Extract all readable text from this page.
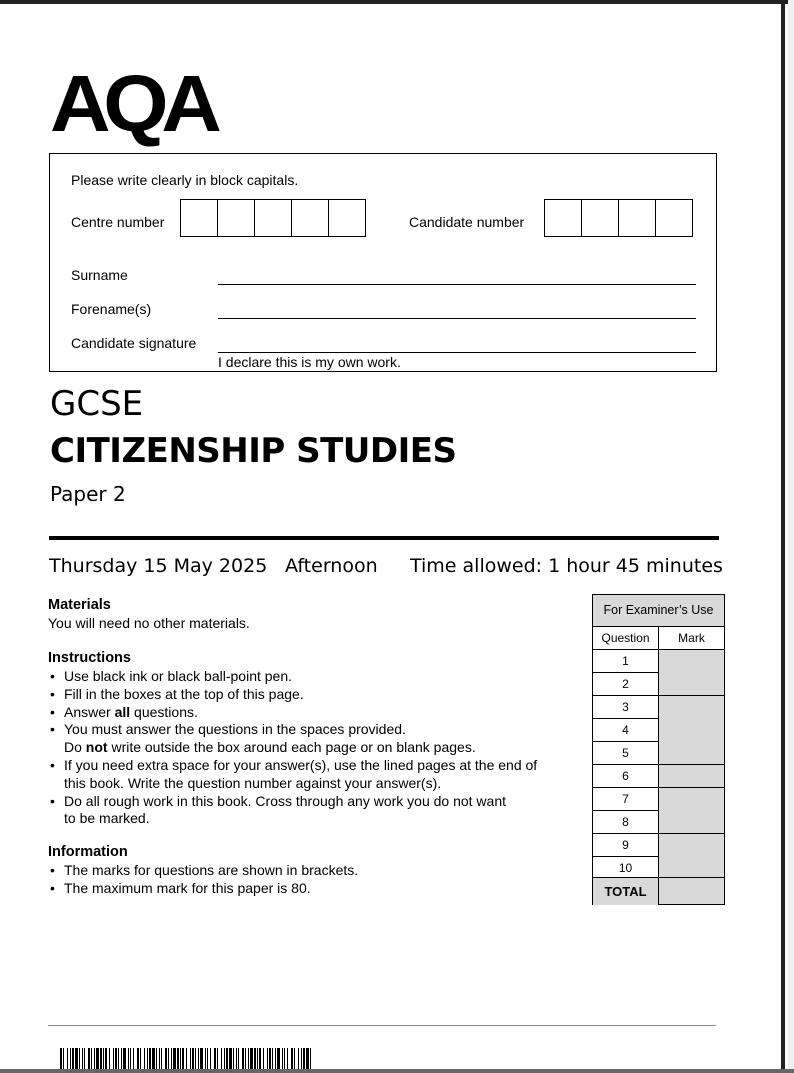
AQA
Please write clearly in block capitals.
Centre number	Candidate number
Surname
Forename(s)
Candidate signature
I declare this is my own work.
GCSE
CITIZENSHIP STUDIES
Paper 2
Thursday 15 May 2025 Afternoon Time allowed: 1 hour 45 minutes
Materials
You will need no other materials.
Instructions
• Use black ink or black ball-point pen.
• Fill in the boxes at the top of this page.
• Answer all questions.
• You must answer the questions in the spaces provided.
Do not write outside the box around each page or on blank pages.
• If you need extra space for your answer(s), use the lined pages at the end of
this book. Write the question number against your answer(s).
• Do all rough work in this book. Cross through any work you do not want
to be marked.
Information
• The marks for questions are shown in brackets.
• The maximum mark for this paper is 80.
For Examiner’s Use
Question	Mark
1
2
3
4
5
6
7
8
9
10
TOTAL
